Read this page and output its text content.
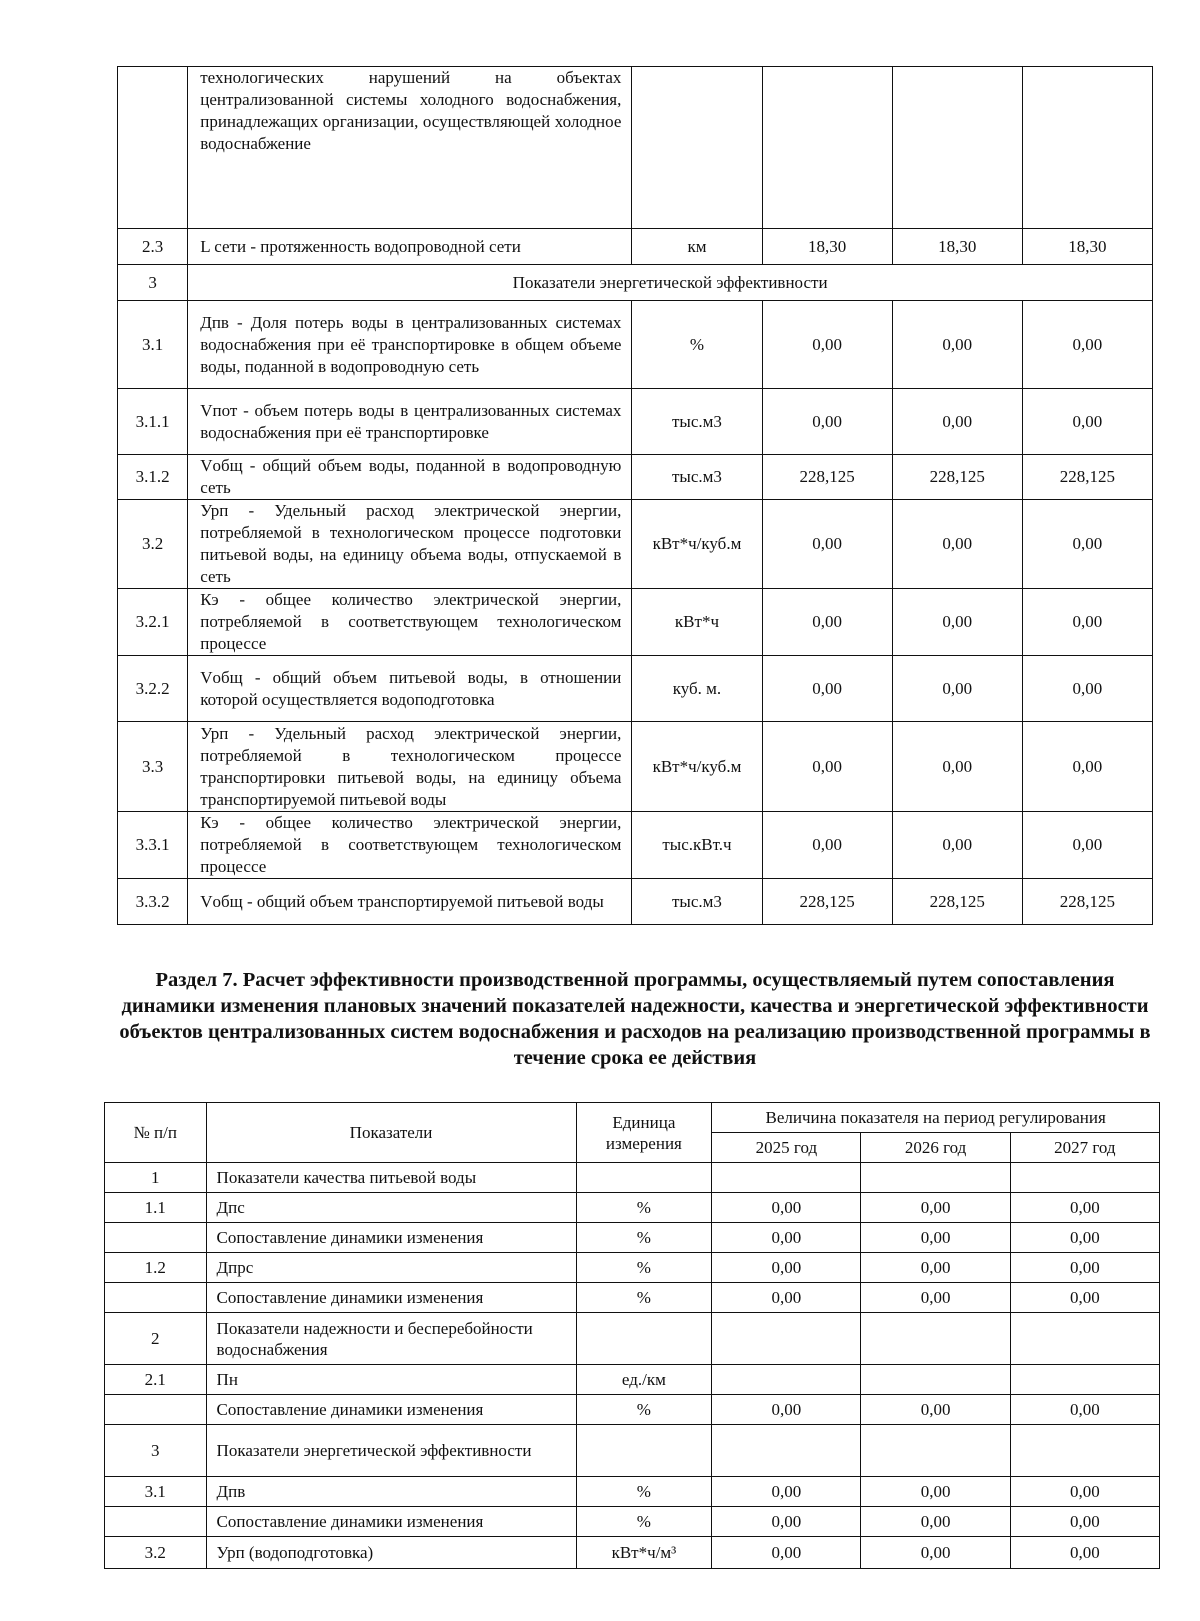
	технологических нарушений на объектах централизованной системы холодного водоснабжения, принадлежащих организации, осуществляющей холодное водоснабжение				
2.3	L сети - протяженность водопроводной сети	км	18,30	18,30	18,30
3	Показатели энергетической эффективности				
3.1	Дпв - Доля потерь воды в централизованных системах водоснабжения при её транспортировке в общем объеме воды, поданной в водопроводную сеть	%	0,00	0,00	0,00
3.1.1	Vпот - объем потерь воды в централизованных системах водоснабжения при её транспортировке	тыс.м3	0,00	0,00	0,00
3.1.2	Vобщ - общий объем воды, поданной в водопроводную сеть	тыс.м3	228,125	228,125	228,125
3.2	Урп - Удельный расход электрической энергии, потребляемой в технологическом процессе подготовки питьевой воды, на единицу объема воды, отпускаемой в сеть	кВт*ч/куб.м	0,00	0,00	0,00
3.2.1	Кэ - общее количество электрической энергии, потребляемой в соответствующем технологическом процессе	кВт*ч	0,00	0,00	0,00
3.2.2	Vобщ - общий объем питьевой воды, в отношении которой осуществляется водоподготовка	куб. м.	0,00	0,00	0,00
3.3	Урп - Удельный расход электрической энергии, потребляемой в технологическом процессе транспортировки питьевой воды, на единицу объема транспортируемой питьевой воды	кВт*ч/куб.м	0,00	0,00	0,00
3.3.1	Кэ - общее количество электрической энергии, потребляемой в соответствующем технологическом процессе	тыс.кВт.ч	0,00	0,00	0,00
3.3.2	Vобщ - общий объем транспортируемой питьевой воды	тыс.м3	228,125	228,125	228,125
Раздел 7. Расчет эффективности производственной программы, осуществляемый путем сопоставления динамики изменения плановых значений показателей надежности, качества и энергетической эффективности объектов централизованных систем водоснабжения и расходов на реализацию производственной программы в течение срока ее действия
№ п/п	Показатели	Единица измерения	Величина показателя на период регулирования		
			2025 год	2026 год	2027 год
1	Показатели качества питьевой воды				
1.1	Дпс	%	0,00	0,00	0,00
	Сопоставление динамики изменения	%	0,00	0,00	0,00
1.2	Дпрс	%	0,00	0,00	0,00
	Сопоставление динамики изменения	%	0,00	0,00	0,00
2	Показатели надежности и бесперебойности водоснабжения				
2.1	Пн	ед./км			
	Сопоставление динамики изменения	%	0,00	0,00	0,00
3	Показатели энергетической эффективности				
3.1	Дпв	%	0,00	0,00	0,00
	Сопоставление динамики изменения	%	0,00	0,00	0,00
3.2	Урп (водоподготовка)	кВт*ч/м³	0,00	0,00	0,00
